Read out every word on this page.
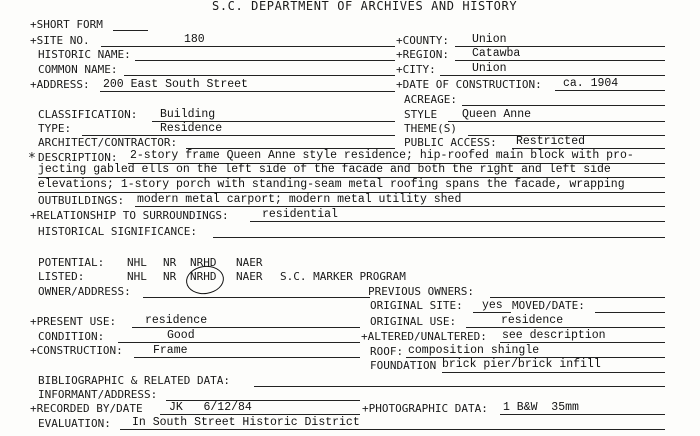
S.C. DEPARTMENT OF ARCHIVES AND HISTORY
+SHORT FORM
+SITE NO.	180	+COUNTY: Union
HISTORIC NAME:	+REGION: Catawba
COMMON NAME:	+CITY:	Union
+ADDRESS: 200 East South Street	+DATE OF CONSTRUCTION: ca. 1904
ACREAGE:
CLASSIFICATION: Building	STYLE Queen Anne
TYPE:	Residence	THEME(S)
ARCHITECT/CONTRACTOR:	PUBLIC ACCESS: Restricted
* DESCRIPTION: 2-story frame Queen Anne style residence; hip-roofed main block with pro-
jecting gabled ells on the left side of the facade and both the right and left side
elevations; 1-story porch with standing-seam metal roofing spans the facade, wrapping
OUTBUILDINGS: modern metal carport; modern metal utility shed
+RELATIONSHIP TO SURROUNDINGS:	residential
HISTORICAL SIGNIFICANCE:
POTENTIAL: NHL NR NRHD NAER
LISTED:	NHL NR NRHD NAER S.C. MARKER PROGRAM
OWNER/ADDRESS:	PREVIOUS OWNERS:
ORIGINAL SITE: yes MOVED/DATE:
+PRESENT USE:	residence	ORIGINAL USE:	residence
CONDITION:	Good	+ALTERED/UNALTERED: see description
+CONSTRUCTION:	Frame	ROOF: composition shingle
FOUNDATION brick pier/brick infill
BIBLIOGRAPHIC & RELATED DATA:
INFORMANT/ADDRESS:
+RECORDED BY/DATE JK   6/12/84	+PHOTOGRAPHIC DATA: 1 B&W  35mm
EVALUATION: In South Street Historic District
